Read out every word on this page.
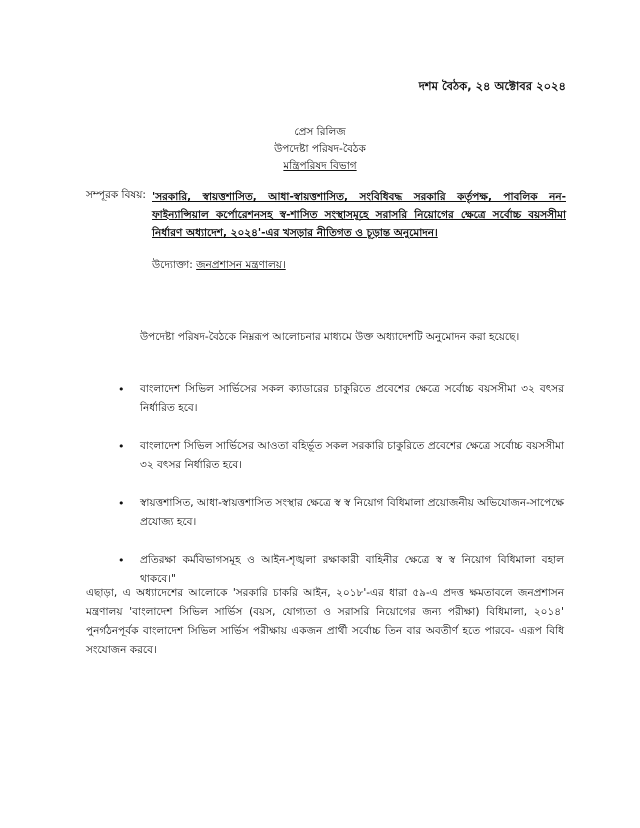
দশম বৈঠক, ২৪ অক্টোবর ২০২৪
প্রেস রিলিজ
উপদেষ্টা পরিষদ-বৈঠক
মন্ত্রিপরিষদ বিভাগ
সম্পূরক বিষয়: 'সরকারি, স্বায়ত্তশাসিত, আধা-স্বায়ত্তশাসিত, সংবিধিবদ্ধ সরকারি কর্তৃপক্ষ, পাবলিক নন-ফাইন্যান্সিয়াল কর্পোরেশনসহ স্ব-শাসিত সংস্থাসমূহে সরাসরি নিয়োগের ক্ষেত্রে সর্বোচ্চ বয়সসীমা নির্ধারণ অধ্যাদেশ, ২০২৪'-এর খসড়ার নীতিগত ও চূড়ান্ত অনুমোদন।
উদ্যোক্তা: জনপ্রশাসন মন্ত্রণালয়।
উপদেষ্টা পরিষদ-বৈঠকে নিম্নরূপ আলোচনার মাধ্যমে উক্ত অধ্যাদেশটি অনুমোদন করা হয়েছে।
• বাংলাদেশ সিভিল সার্ভিসের সকল ক্যাডারের চাকুরিতে প্রবেশের ক্ষেত্রে সর্বোচ্চ বয়সসীমা ৩২ বৎসর নির্ধারিত হবে।
• বাংলাদেশ সিভিল সার্ভিসের আওতা বহির্ভূত সকল সরকারি চাকুরিতে প্রবেশের ক্ষেত্রে সর্বোচ্চ বয়সসীমা ৩২ বৎসর নির্ধারিত হবে।
• স্বায়ত্তশাসিত, আধা-স্বায়ত্তশাসিত সংস্থার ক্ষেত্রে স্ব স্ব নিয়োগ বিধিমালা প্রয়োজনীয় অভিযোজন-সাপেক্ষে প্রযোজ্য হবে।
• প্রতিরক্ষা কর্মবিভাগসমূহ ও আইন-শৃঙ্খলা রক্ষাকারী বাহিনীর ক্ষেত্রে স্ব স্ব নিয়োগ বিধিমালা বহাল থাকবে।"
এছাড়া, এ অধ্যাদেশের আলোকে 'সরকারি চাকরি আইন, ২০১৮'-এর ধারা ৫৯-এ প্রদত্ত ক্ষমতাবলে জনপ্রশাসন মন্ত্রণালয় 'বাংলাদেশ সিভিল সার্ভিস (বয়স, যোগ্যতা ও সরাসরি নিয়োগের জন্য পরীক্ষা) বিধিমালা, ২০১৪' পুনর্গঠনপূর্বক বাংলাদেশ সিভিল সার্ভিস পরীক্ষায় একজন প্রার্থী সর্বোচ্চ তিন বার অবতীর্ণ হতে পারবে- এরূপ বিধি সংযোজন করবে।
